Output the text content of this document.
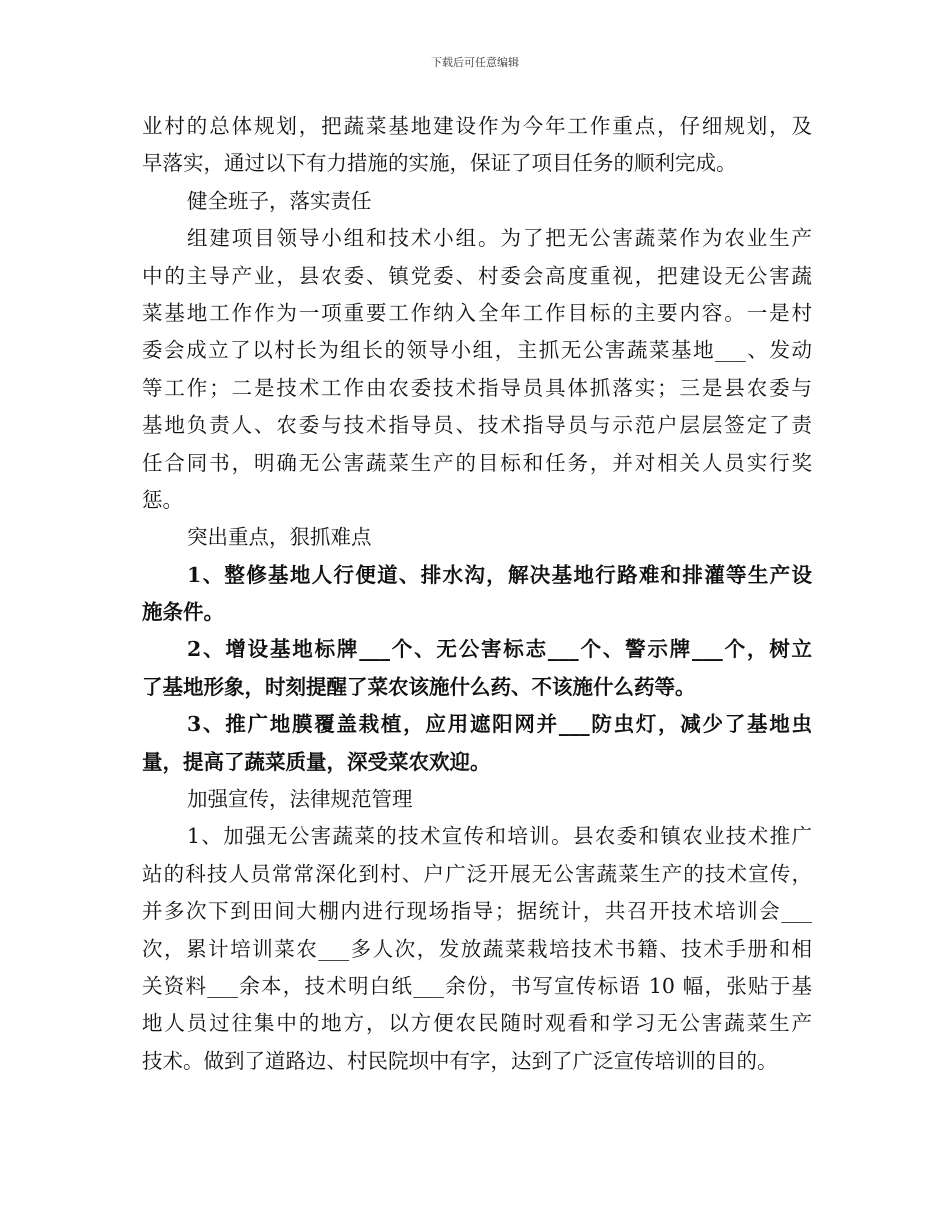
下载后可任意编辑
业村的总体规划，把蔬菜基地建设作为今年工作重点，仔细规划，及
早落实，通过以下有力措施的实施，保证了项目任务的顺利完成。
健全班子，落实责任
组建项目领导小组和技术小组。为了把无公害蔬菜作为农业生产
中的主导产业，县农委、镇党委、村委会高度重视，把建设无公害蔬
菜基地工作作为一项重要工作纳入全年工作目标的主要内容。一是村
委会成立了以村长为组长的领导小组，主抓无公害蔬菜基地___、发动
等工作；二是技术工作由农委技术指导员具体抓落实；三是县农委与
基地负责人、农委与技术指导员、技术指导员与示范户层层签定了责
任合同书，明确无公害蔬菜生产的目标和任务，并对相关人员实行奖
惩。
突出重点，狠抓难点
1、整修基地人行便道、排水沟，解决基地行路难和排灌等生产设
施条件。
2、增设基地标牌___个、无公害标志___个、警示牌___个，树立
了基地形象，时刻提醒了菜农该施什么药、不该施什么药等。
3、推广地膜覆盖栽植，应用遮阳网并___防虫灯，减少了基地虫
量，提高了蔬菜质量，深受菜农欢迎。
加强宣传，法律规范管理
1、加强无公害蔬菜的技术宣传和培训。县农委和镇农业技术推广
站的科技人员常常深化到村、户广泛开展无公害蔬菜生产的技术宣传，
并多次下到田间大棚内进行现场指导；据统计，共召开技术培训会___
次，累计培训菜农___多人次，发放蔬菜栽培技术书籍、技术手册和相
关资料___余本，技术明白纸___余份，书写宣传标语 10 幅，张贴于基
地人员过往集中的地方，以方便农民随时观看和学习无公害蔬菜生产
技术。做到了道路边、村民院坝中有字，达到了广泛宣传培训的目的。
